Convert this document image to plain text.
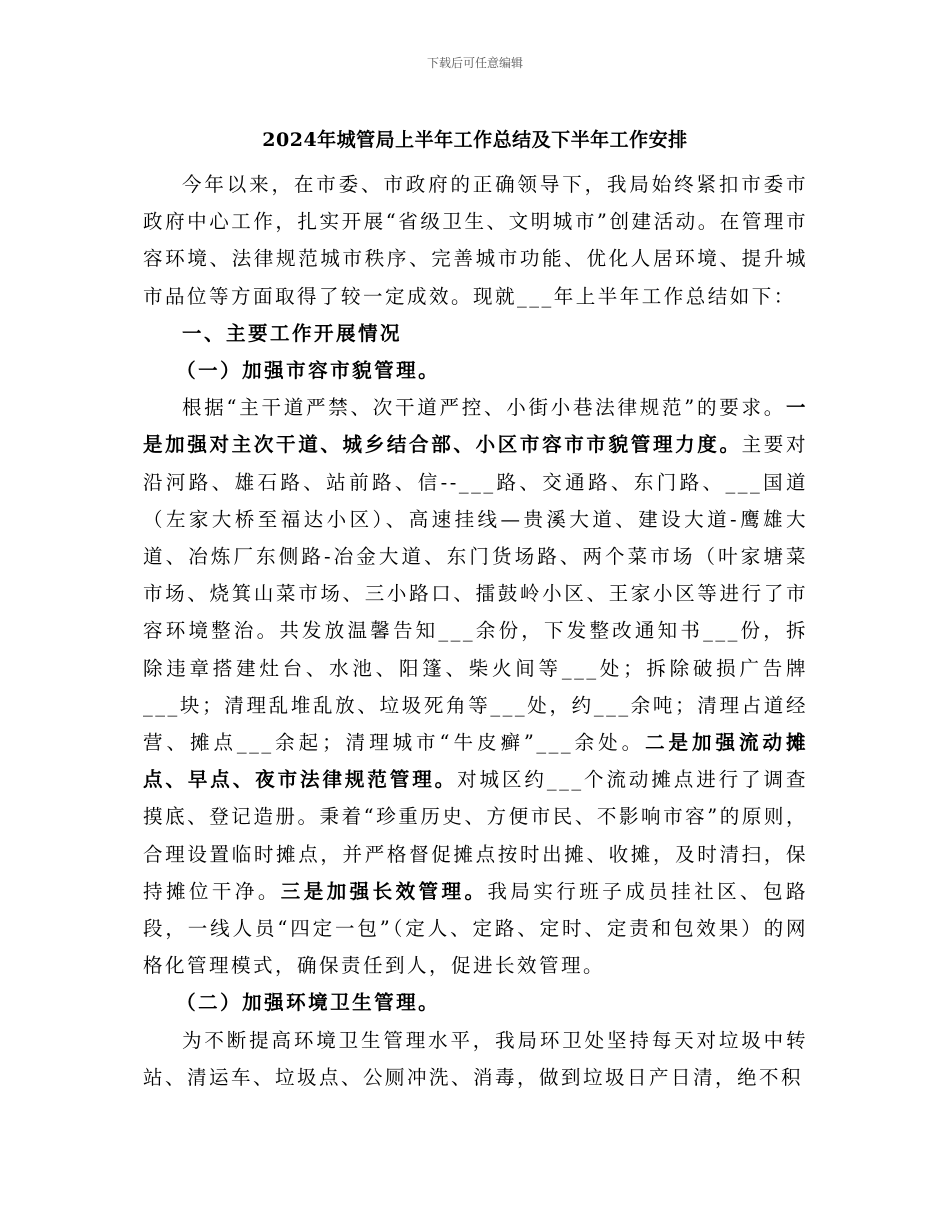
下载后可任意编辑
2024年城管局上半年工作总结及下半年工作安排

今年以来，在市委、市政府的正确领导下，我局始终紧扣市委市政府中心工作，扎实开展“省级卫生、文明城市”创建活动。在管理市容环境、法律规范城市秩序、完善城市功能、优化人居环境、提升城市品位等方面取得了较一定成效。现就___年上半年工作总结如下：

一、主要工作开展情况

（一）加强市容市貌管理。

根据“主干道严禁、次干道严控、小街小巷法律规范”的要求。一是加强对主次干道、城乡结合部、小区市容市市貌管理力度。主要对沿河路、雄石路、站前路、信--___路、交通路、东门路、___国道（左家大桥至福达小区）、高速挂线—贵溪大道、建设大道-鹰雄大道、冶炼厂东侧路-冶金大道、东门货场路、两个菜市场（叶家塘菜市场、烧箕山菜市场、三小路口、擂鼓岭小区、王家小区等进行了市容环境整治。共发放温馨告知___余份，下发整改通知书___份，拆除违章搭建灶台、水池、阳篷、柴火间等___处；拆除破损广告牌___块；清理乱堆乱放、垃圾死角等___处，约___余吨；清理占道经营、摊点___余起；清理城市“牛皮癣”___余处。二是加强流动摊点、早点、夜市法律规范管理。对城区约___个流动摊点进行了调查摸底、登记造册。秉着“珍重历史、方便市民、不影响市容”的原则，合理设置临时摊点，并严格督促摊点按时出摊、收摊，及时清扫，保持摊位干净。三是加强长效管理。我局实行班子成员挂社区、包路段，一线人员“四定一包”（定人、定路、定时、定责和包效果）的网格化管理模式，确保责任到人，促进长效管理。

（二）加强环境卫生管理。

为不断提高环境卫生管理水平，我局环卫处坚持每天对垃圾中转站、清运车、垃圾点、公厕冲洗、消毒，做到垃圾日产日清，绝不积
